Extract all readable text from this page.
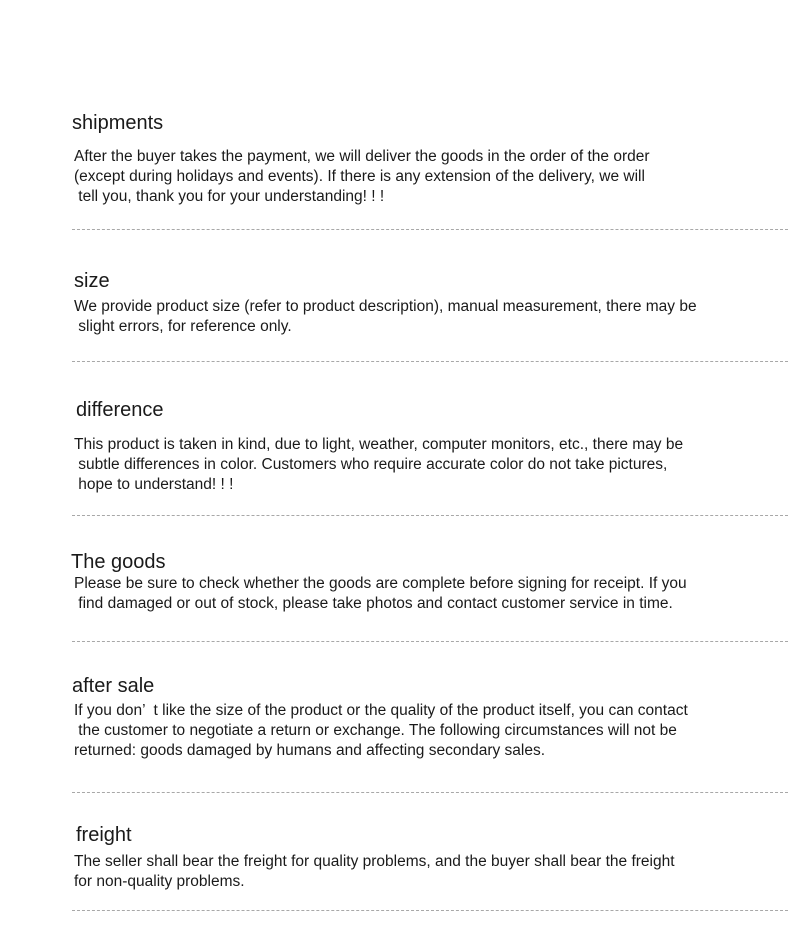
shipments
After the buyer takes the payment, we will deliver the goods in the order of the order
(except during holidays and events). If there is any extension of the delivery, we will
tell you, thank you for your understanding! ! !
size
We provide product size (refer to product description), manual measurement, there may be
slight errors, for reference only.
difference
This product is taken in kind, due to light, weather, computer monitors, etc., there may be
subtle differences in color. Customers who require accurate color do not take pictures,
hope to understand! ! !
The goods
Please be sure to check whether the goods are complete before signing for receipt. If you
find damaged or out of stock, please take photos and contact customer service in time.
after sale
If you don’  t like the size of the product or the quality of the product itself, you can contact
the customer to negotiate a return or exchange. The following circumstances will not be
returned: goods damaged by humans and affecting secondary sales.
freight
The seller shall bear the freight for quality problems, and the buyer shall bear the freight
for non-quality problems.
